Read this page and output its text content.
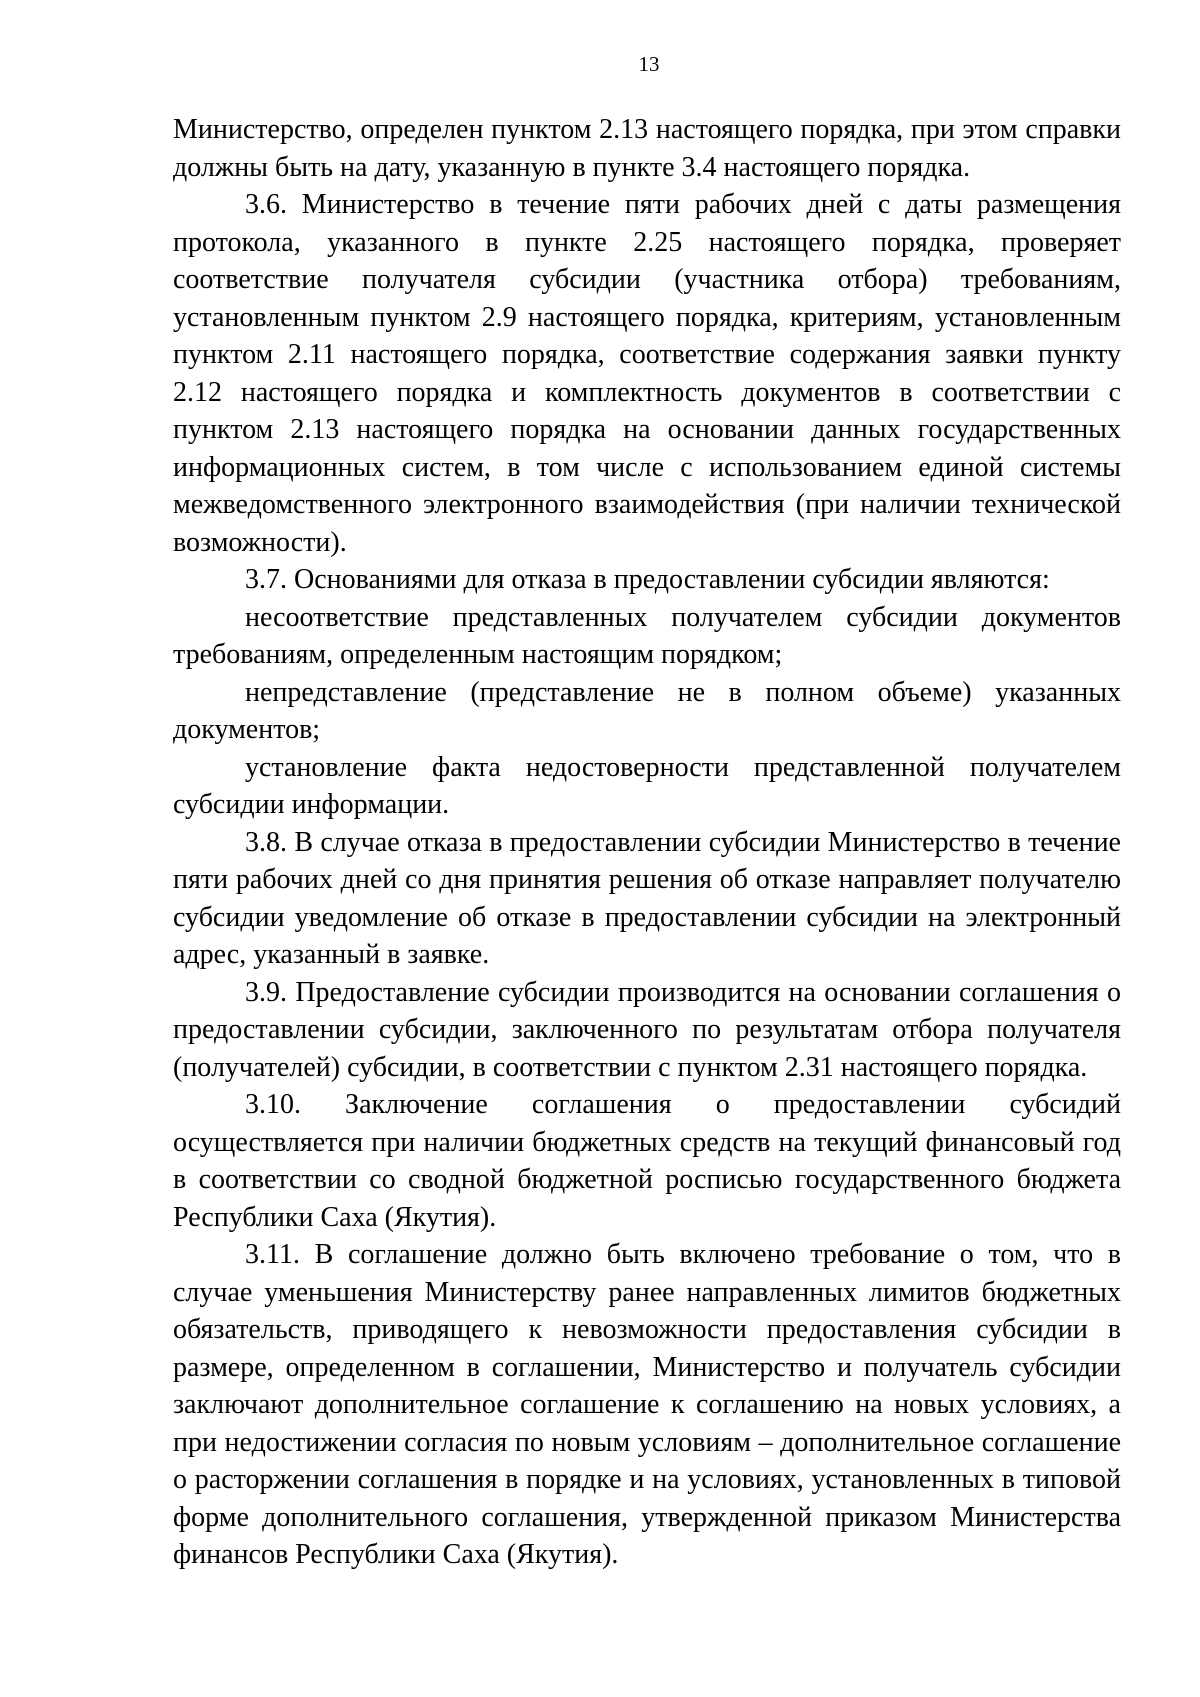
13

Министерство, определен пунктом 2.13 настоящего порядка, при этом справки должны быть на дату, указанную в пункте 3.4 настоящего порядка.

3.6. Министерство в течение пяти рабочих дней с даты размещения протокола, указанного в пункте 2.25 настоящего порядка, проверяет соответствие получателя субсидии (участника отбора) требованиям, установленным пунктом 2.9 настоящего порядка, критериям, установленным пунктом 2.11 настоящего порядка, соответствие содержания заявки пункту 2.12 настоящего порядка и комплектность документов в соответствии с пунктом 2.13 настоящего порядка на основании данных государственных информационных систем, в том числе с использованием единой системы межведомственного электронного взаимодействия (при наличии технической возможности).

3.7. Основаниями для отказа в предоставлении субсидии являются:

несоответствие представленных получателем субсидии документов требованиям, определенным настоящим порядком;

непредставление (представление не в полном объеме) указанных документов;

установление факта недостоверности представленной получателем субсидии информации.

3.8. В случае отказа в предоставлении субсидии Министерство в течение пяти рабочих дней со дня принятия решения об отказе направляет получателю субсидии уведомление об отказе в предоставлении субсидии на электронный адрес, указанный в заявке.

3.9. Предоставление субсидии производится на основании соглашения о предоставлении субсидии, заключенного по результатам отбора получателя (получателей) субсидии, в соответствии с пунктом 2.31 настоящего порядка.

3.10. Заключение соглашения о предоставлении субсидий осуществляется при наличии бюджетных средств на текущий финансовый год в соответствии со сводной бюджетной росписью государственного бюджета Республики Саха (Якутия).

3.11. В соглашение должно быть включено требование о том, что в случае уменьшения Министерству ранее направленных лимитов бюджетных обязательств, приводящего к невозможности предоставления субсидии в размере, определенном в соглашении, Министерство и получатель субсидии заключают дополнительное соглашение к соглашению на новых условиях, а при недостижении согласия по новым условиям – дополнительное соглашение о расторжении соглашения в порядке и на условиях, установленных в типовой форме дополнительного соглашения, утвержденной приказом Министерства финансов Республики Саха (Якутия).
